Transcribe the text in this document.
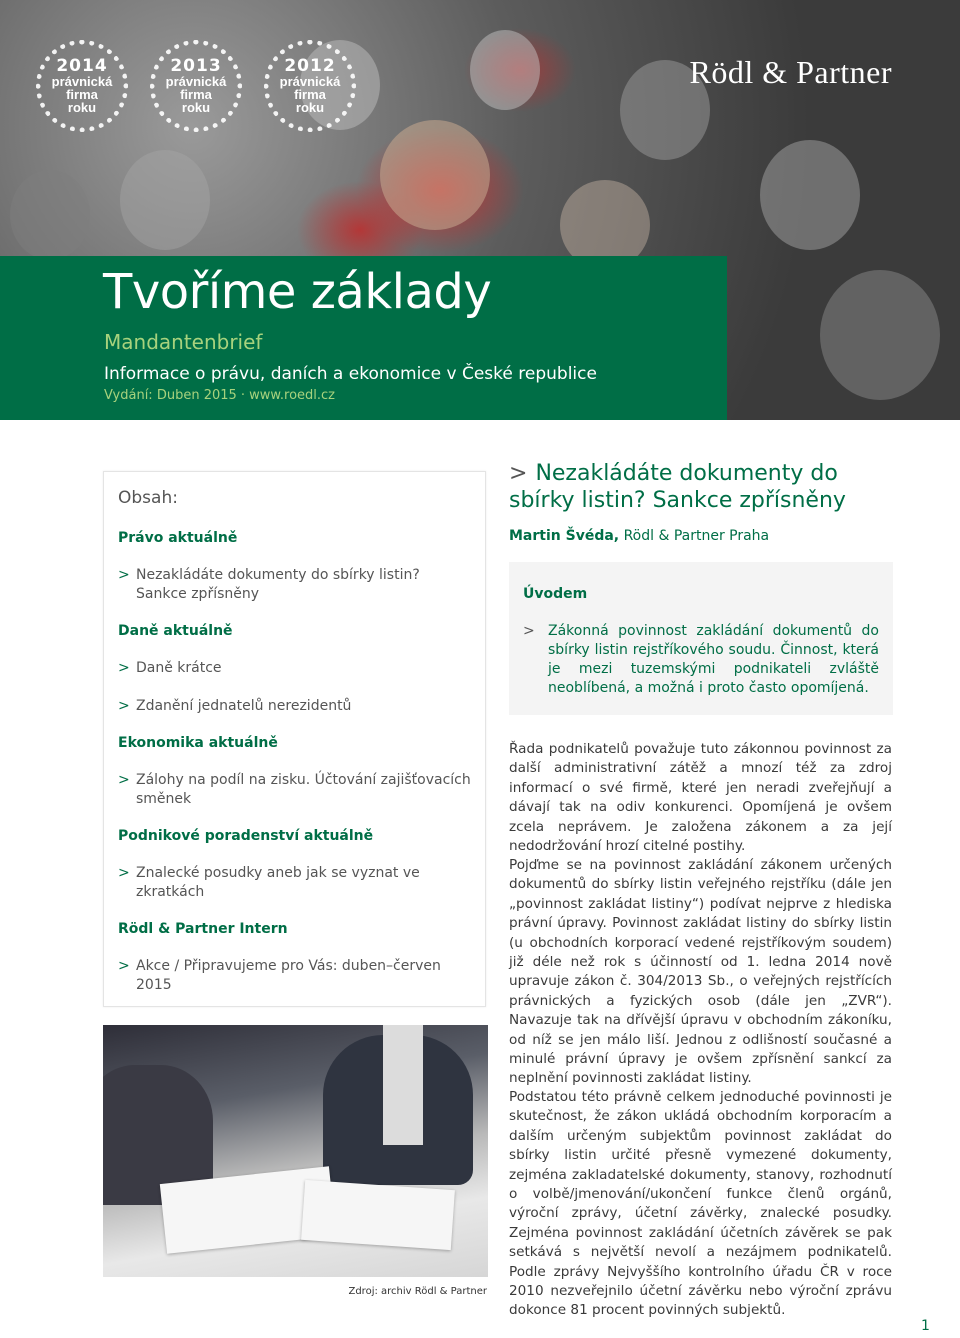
2014
právnická
firma
roku
2013
právnická
firma
roku
2012
právnická
firma
roku
Rödl & Partner
Tvoříme základy
Mandantenbrief
Informace o právu, daních a ekonomice v České republice
Vydání: Duben 2015 · www.roedl.cz
Obsah:
Právo aktuálně
> Nezakládáte dokumenty do sbírky listin? Sankce zpřísněny
Daně aktuálně
> Daně krátce
> Zdanění jednatelů nerezidentů
Ekonomika aktuálně
> Zálohy na podíl na zisku. Účtování zajišťovacích směnek
Podnikové poradenství aktuálně
> Znalecké posudky aneb jak se vyznat ve zkratkách
Rödl & Partner Intern
> Akce / Připravujeme pro Vás: duben–červen 2015
Zdroj: archiv Rödl & Partner
> Nezakládáte dokumenty do sbírky listin? Sankce zpřísněny
Martin Švéda, Rödl & Partner Praha
Úvodem
> Zákonná povinnost zakládání dokumentů do sbírky listin rejstříkového soudu. Činnost, která je mezi tuzemskými podnikateli zvláště neoblíbená, a možná i proto často opomíjená.
Řada podnikatelů považuje tuto zákonnou povinnost za další administrativní zátěž a mnozí též za zdroj informací o své firmě, které jen neradi zveřejňují a dávají tak na odiv konkurenci. Opomíjená je ovšem zcela neprávem. Je založena zákonem a za její nedodržování hrozí citelné postihy.
Pojďme se na povinnost zakládání zákonem určených dokumentů do sbírky listin veřejného rejstříku (dále jen „povinnost zakládat listiny“) podívat nejprve z hlediska právní úpravy. Povinnost zakládat listiny do sbírky listin (u obchodních korporací vedené rejstříkovým soudem) již déle než rok s účinností od 1. ledna 2014 nově upravuje zákon č. 304/2013 Sb., o veřejných rejstřících právnických a fyzických osob (dále jen „ZVR“). Navazuje tak na dřívější úpravu v obchodním zákoníku, od níž se jen málo liší. Jednou z odlišností současné a minulé právní úpravy je ovšem zpřísnění sankcí za neplnění povinnosti zakládat listiny.
Podstatou této právně celkem jednoduché povinnosti je skutečnost, že zákon ukládá obchodním korporacím a dalším určeným subjektům povinnost zakládat do sbírky listin určité přesně vymezené dokumenty, zejména zakladatelské dokumenty, stanovy, rozhodnutí o volbě/jmenování/ukončení funkce členů orgánů, výroční zprávy, účetní závěrky, znalecké posudky. Zejména povinnost zakládání účetních závěrek se pak setkává s největší nevolí a nezájmem podnikatelů. Podle zprávy Nejvyššího kontrolního úřadu ČR v roce 2010 nezveřejnilo účetní závěrku nebo výroční zprávu dokonce 81 procent povinných subjektů.
1
